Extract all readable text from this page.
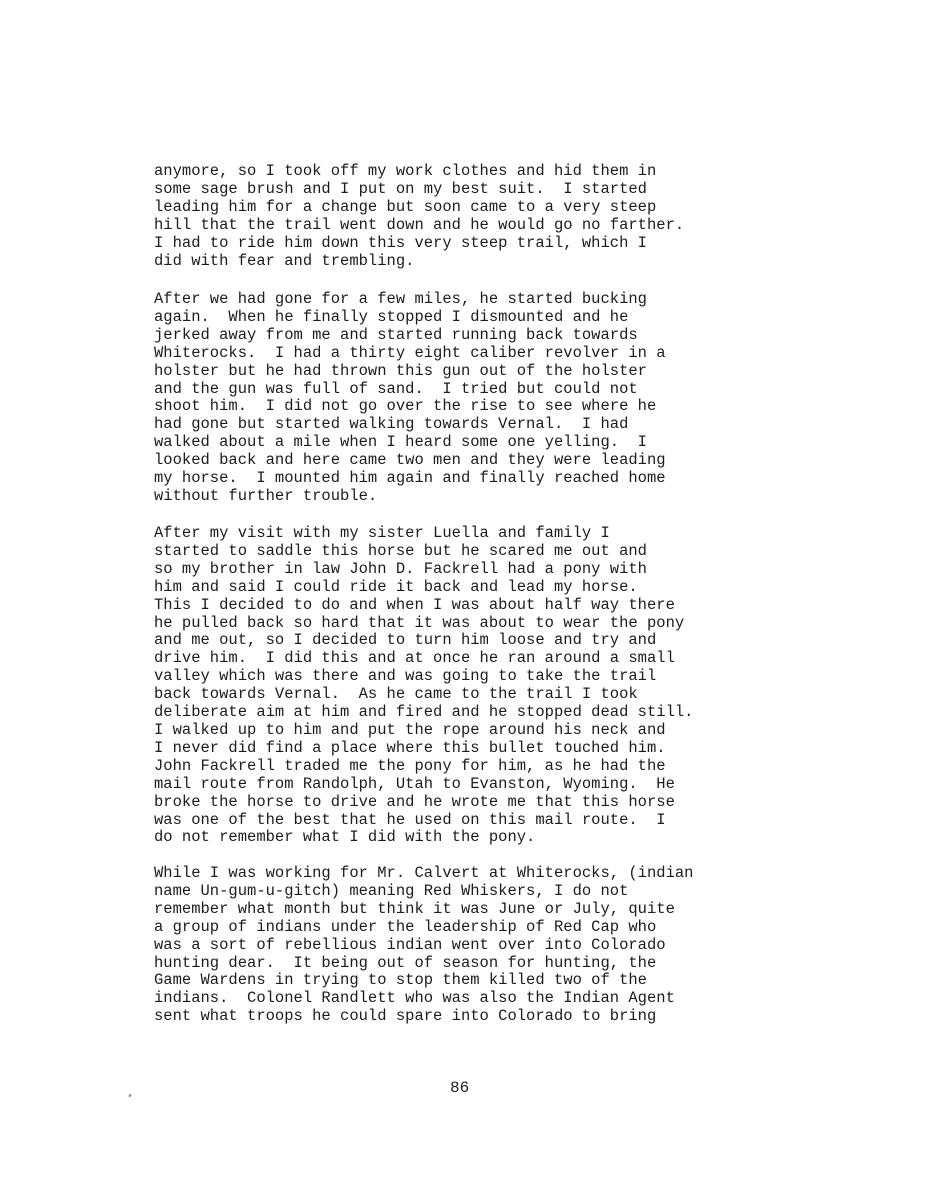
anymore, so I took off my work clothes and hid them in
some sage brush and I put on my best suit.  I started
leading him for a change but soon came to a very steep
hill that the trail went down and he would go no farther.
I had to ride him down this very steep trail, which I
did with fear and trembling.
After we had gone for a few miles, he started bucking
again.  When he finally stopped I dismounted and he
jerked away from me and started running back towards
Whiterocks.  I had a thirty eight caliber revolver in a
holster but he had thrown this gun out of the holster
and the gun was full of sand.  I tried but could not
shoot him.  I did not go over the rise to see where he
had gone but started walking towards Vernal.  I had
walked about a mile when I heard some one yelling.  I
looked back and here came two men and they were leading
my horse.  I mounted him again and finally reached home
without further trouble.
After my visit with my sister Luella and family I
started to saddle this horse but he scared me out and
so my brother in law John D. Fackrell had a pony with
him and said I could ride it back and lead my horse.
This I decided to do and when I was about half way there
he pulled back so hard that it was about to wear the pony
and me out, so I decided to turn him loose and try and
drive him.  I did this and at once he ran around a small
valley which was there and was going to take the trail
back towards Vernal.  As he came to the trail I took
deliberate aim at him and fired and he stopped dead still.
I walked up to him and put the rope around his neck and
I never did find a place where this bullet touched him.
John Fackrell traded me the pony for him, as he had the
mail route from Randolph, Utah to Evanston, Wyoming.  He
broke the horse to drive and he wrote me that this horse
was one of the best that he used on this mail route.  I
do not remember what I did with the pony.
While I was working for Mr. Calvert at Whiterocks, (indian
name Un-gum-u-gitch) meaning Red Whiskers, I do not
remember what month but think it was June or July, quite
a group of indians under the leadership of Red Cap who
was a sort of rebellious indian went over into Colorado
hunting dear.  It being out of season for hunting, the
Game Wardens in trying to stop them killed two of the
indians.  Colonel Randlett who was also the Indian Agent
sent what troops he could spare into Colorado to bring
86
